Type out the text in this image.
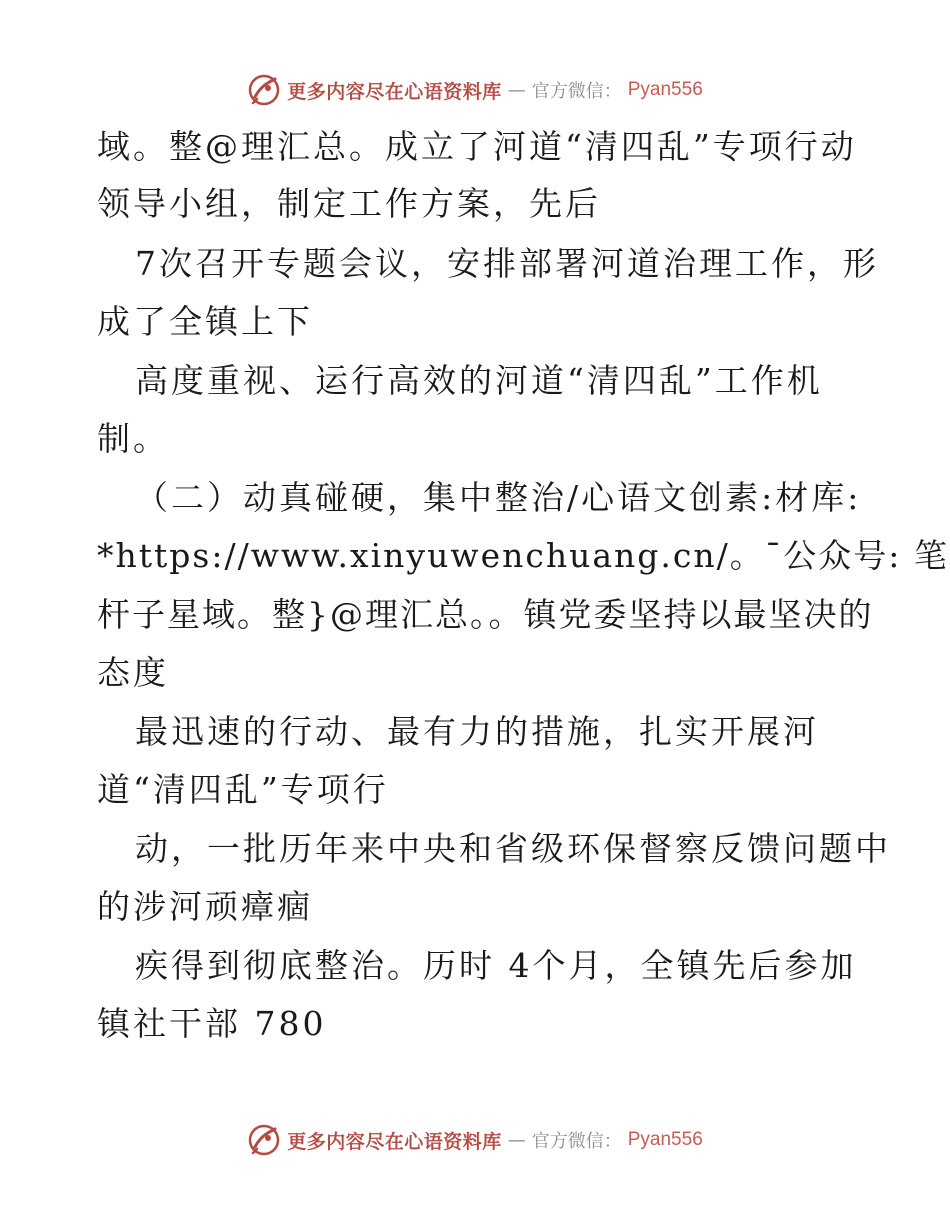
更多内容尽在心语资料库 — 官方微信： Pyan556
域。整@理汇总。成立了河道“清四乱”专项行动
领导小组，制定工作方案，先后
7次召开专题会议，安排部署河道治理工作，形
成了全镇上下
高度重视、运行高效的河道“清四乱”工作机
制。
（二）动真碰硬，集中整治/心语文创素:材库:
*https://www.xinyuwenchuang.cn/。¯公众号: 笔
杆子星域。整}@理汇总。。镇党委坚持以最坚决的
态度
最迅速的行动、最有力的措施，扎实开展河
道“清四乱”专项行
动，一批历年来中央和省级环保督察反馈问题中
的涉河顽瘴痼
疾得到彻底整治。历时 4个月，全镇先后参加
镇社干部 780
更多内容尽在心语资料库 — 官方微信： Pyan556
